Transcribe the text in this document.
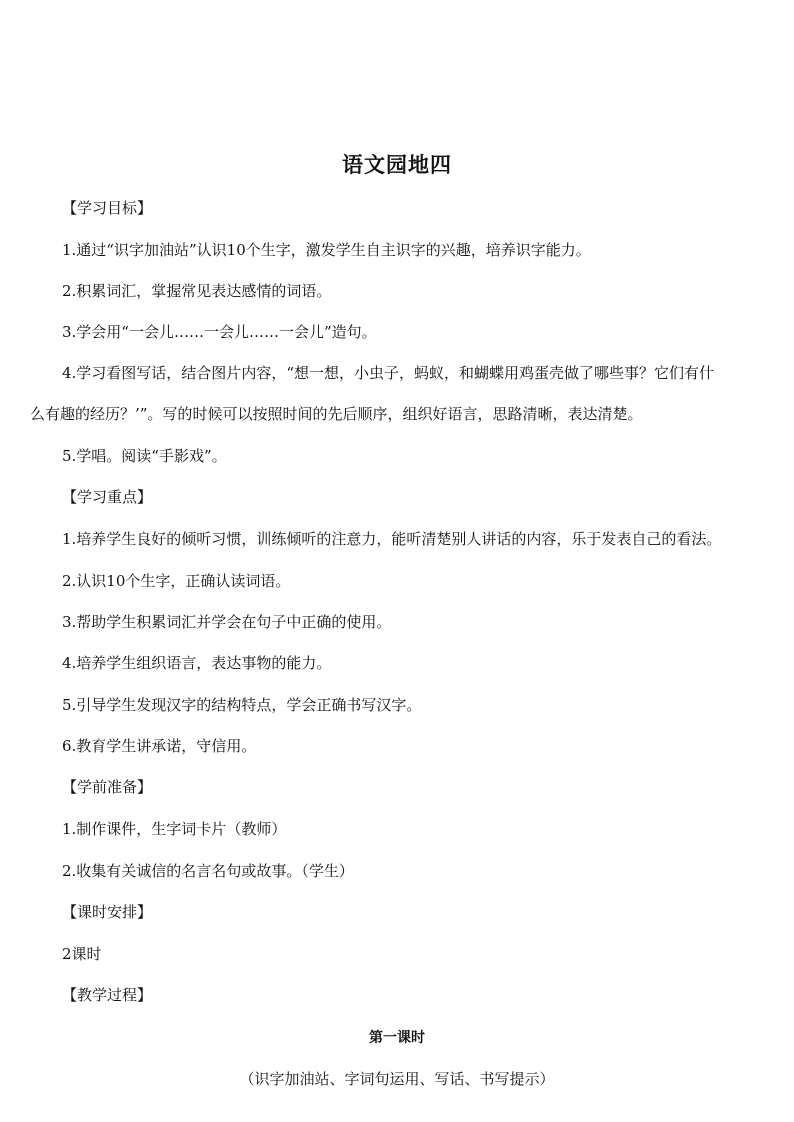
语文园地四
【学习目标】
1.通过“识字加油站”认识10个生字，激发学生自主识字的兴趣，培养识字能力。
2.积累词汇，掌握常见表达感情的词语。
3.学会用“一会儿……一会儿……一会儿”造句。
4.学习看图写话，结合图片内容，“想一想，小虫子，蚂蚁，和蝴蝶用鸡蛋壳做了哪些事？它们有什
么有趣的经历？’”。写的时候可以按照时间的先后顺序，组织好语言，思路清晰，表达清楚。
5.学唱。阅读“手影戏”。
【学习重点】
1.培养学生良好的倾听习惯，训练倾听的注意力，能听清楚别人讲话的内容，乐于发表自己的看法。
2.认识10个生字，正确认读词语。
3.帮助学生积累词汇并学会在句子中正确的使用。
4.培养学生组织语言，表达事物的能力。
5.引导学生发现汉字的结构特点，学会正确书写汉字。
6.教育学生讲承诺，守信用。
【学前准备】
1.制作课件，生字词卡片（教师）
2.收集有关诚信的名言名句或故事。（学生）
【课时安排】
2课时
【教学过程】
第一课时
（识字加油站、字词句运用、写话、书写提示）
